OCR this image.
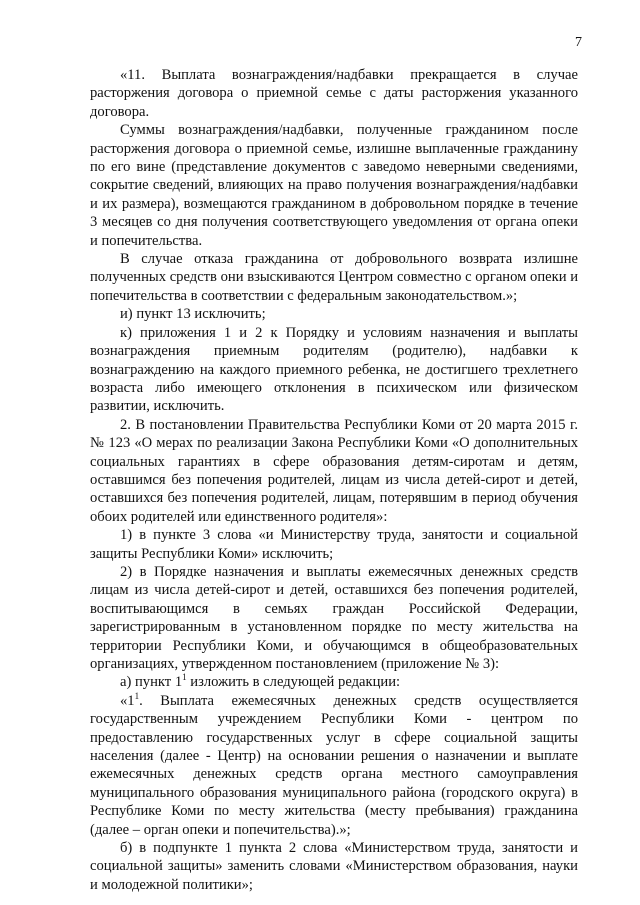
7

«11. Выплата вознаграждения/надбавки прекращается в случае расторжения договора о приемной семье с даты расторжения указанного договора.

Суммы вознаграждения/надбавки, полученные гражданином после расторжения договора о приемной семье, излишне выплаченные гражданину по его вине (представление документов с заведомо неверными сведениями, сокрытие сведений, влияющих на право получения вознаграждения/надбавки и их размера), возмещаются гражданином в добровольном порядке в течение 3 месяцев со дня получения соответствующего уведомления от органа опеки и попечительства.

В случае отказа гражданина от добровольного возврата излишне полученных средств они взыскиваются Центром совместно с органом опеки и попечительства в соответствии с федеральным законодательством.»;

и) пункт 13 исключить;

к) приложения 1 и 2 к Порядку и условиям назначения и выплаты вознаграждения приемным родителям (родителю), надбавки к вознаграждению на каждого приемного ребенка, не достигшего трехлетнего возраста либо имеющего отклонения в психическом или физическом развитии, исключить.

2. В постановлении Правительства Республики Коми от 20 марта 2015 г. № 123 «О мерах по реализации Закона Республики Коми «О дополнительных социальных гарантиях в сфере образования детям-сиротам и детям, оставшимся без попечения родителей, лицам из числа детей-сирот и детей, оставшихся без попечения родителей, лицам, потерявшим в период обучения обоих родителей или единственного родителя»:

1) в пункте 3 слова «и Министерству труда, занятости и социальной защиты Республики Коми» исключить;

2) в Порядке назначения и выплаты ежемесячных денежных средств лицам из числа детей-сирот и детей, оставшихся без попечения родителей, воспитывающимся в семьях граждан Российской Федерации, зарегистрированным в установленном порядке по месту жительства на территории Республики Коми, и обучающимся в общеобразовательных организациях, утвержденном постановлением (приложение № 3):

а) пункт $1^1$ изложить в следующей редакции:

«$1^1$. Выплата ежемесячных денежных средств осуществляется государственным учреждением Республики Коми - центром по предоставлению государственных услуг в сфере социальной защиты населения (далее - Центр) на основании решения о назначении и выплате ежемесячных денежных средств органа местного самоуправления муниципального образования муниципального района (городского округа) в Республике Коми по месту жительства (месту пребывания) гражданина (далее – орган опеки и попечительства).»;

б) в подпункте 1 пункта 2 слова «Министерством труда, занятости и социальной защиты» заменить словами «Министерством образования, науки и молодежной политики»;
